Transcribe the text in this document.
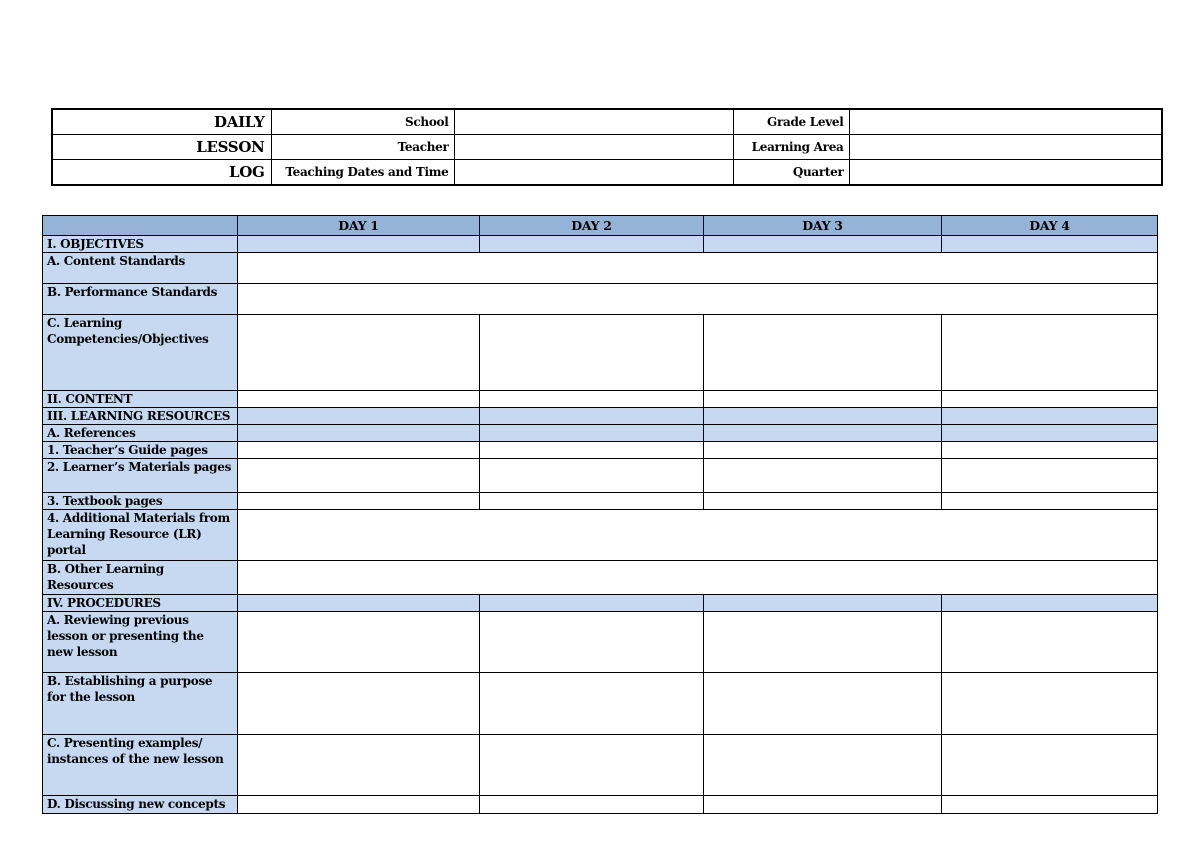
DAILY	School		Grade Level	
LESSON	Teacher		Learning Area	
LOG	Teaching Dates and Time		Quarter	
	DAY 1	DAY 2	DAY 3	DAY 4
I. OBJECTIVES				
A. Content Standards				
B. Performance Standards				
C. Learning Competencies/Objectives				
II. CONTENT				
III. LEARNING RESOURCES				
A. References				
1. Teacher’s Guide pages				
2. Learner’s Materials pages				
3. Textbook pages				
4. Additional Materials from Learning Resource (LR) portal				
B. Other Learning Resources				
IV. PROCEDURES				
A. Reviewing previous lesson or presenting the new lesson				
B. Establishing a purpose for the lesson				
C. Presenting examples/ instances of the new lesson				
D. Discussing new concepts				
